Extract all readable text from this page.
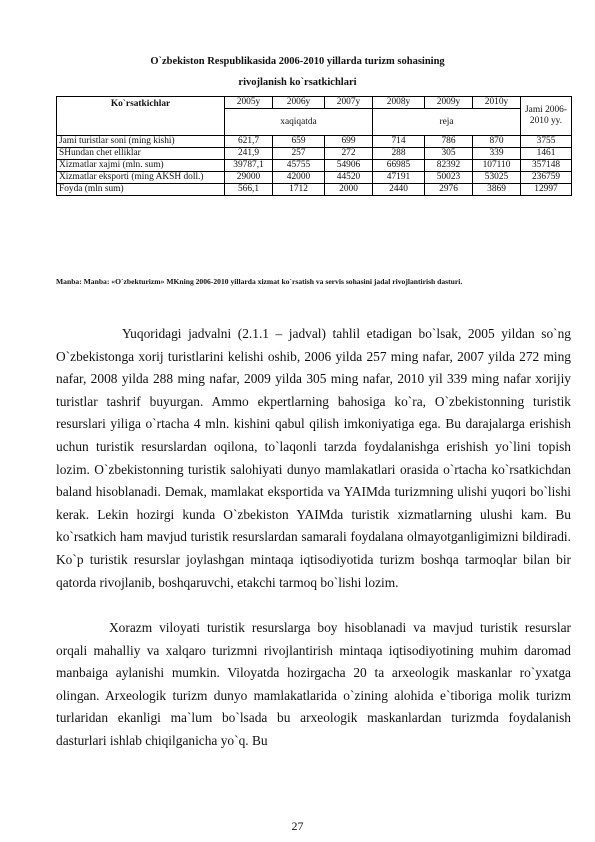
O`zbekiston Respublikasida 2006-2010 yillarda turizm sohasining
rivojlanish ko`rsatkichlari
Ko`rsatkichlar	2005y	2006y	2007y	2008y	2009y	2010y	Jami 2006-2010 yy.
	xaqiqatda			reja			
Jami turistlar soni (ming kishi)	621,7	659	699	714	786	870	3755
SHundan chet elliklar	241,9	257	272	288	305	339	1461
Xizmatlar xajmi (mln. sum)	39787,1	45755	54906	66985	82392	107110	357148
Xizmatlar eksporti (ming AKSH doll.)	29000	42000	44520	47191	50023	53025	236759
Foyda (mln sum)	566,1	1712	2000	2440	2976	3869	12997
Manba: Manba: «O`zbekturizm» MKning 2006-2010 yillarda xizmat ko`rsatish va servis sohasini jadal rivojlantirish dasturi.

Yuqoridagi jadvalni (2.1.1 – jadval) tahlil etadigan bo`lsak, 2005 yildan so`ng O`zbekistonga xorij turistlarini kelishi oshib, 2006 yilda 257 ming nafar, 2007 yilda 272 ming nafar, 2008 yilda 288 ming nafar, 2009 yilda 305 ming nafar, 2010 yil 339 ming nafar xorijiy turistlar tashrif buyurgan. Ammo ekpertlarning bahosiga ko`ra, O`zbekistonning turistik resurslari yiliga o`rtacha 4 mln. kishini qabul qilish imkoniyatiga ega. Bu darajalarga erishish uchun turistik resurslardan oqilona, to`laqonli tarzda foydalanishga erishish yo`lini topish lozim. O`zbekistonning turistik salohiyati dunyo mamlakatlari orasida o`rtacha ko`rsatkichdan baland hisoblanadi. Demak, mamlakat eksportida va YAIMda turizmning ulishi yuqori bo`lishi kerak. Lekin hozirgi kunda O`zbekiston YAIMda turistik xizmatlarning ulushi kam. Bu ko`rsatkich ham mavjud turistik resurslardan samarali foydalana olmayotganligimizni bildiradi. Ko`p turistik resurslar joylashgan mintaqa iqtisodiyotida turizm boshqa tarmoqlar bilan bir qatorda rivojlanib, boshqaruvchi, etakchi tarmoq bo`lishi lozim.

Xorazm viloyati turistik resurslarga boy hisoblanadi va mavjud turistik resurslar orqali mahalliy va xalqaro turizmni rivojlantirish mintaqa iqtisodiyotining muhim daromad manbaiga aylanishi mumkin. Viloyatda hozirgacha 20 ta arxeologik maskanlar ro`yxatga olingan. Arxeologik turizm dunyo mamlakatlarida o`zining alohida e`tiboriga molik turizm turlaridan ekanligi ma`lum bo`lsada bu arxeologik maskanlardan turizmda foydalanish dasturlari ishlab chiqilganicha yo`q. Bu

27
